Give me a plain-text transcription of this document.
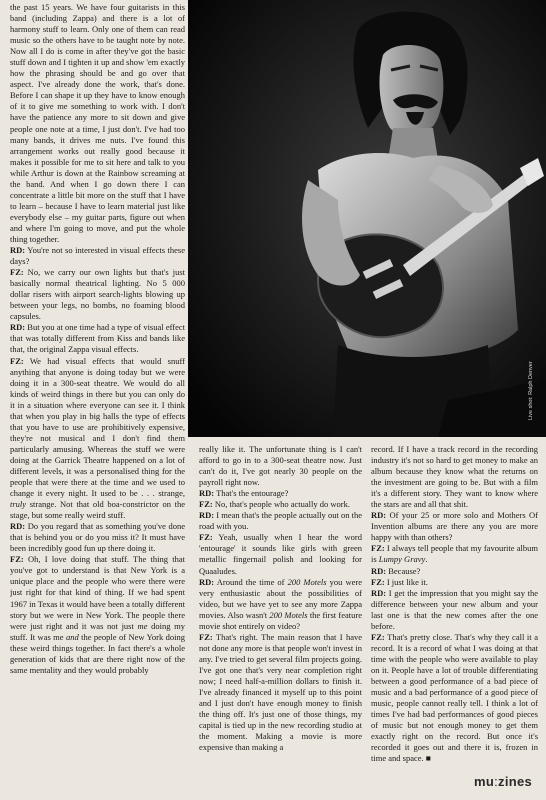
the past 15 years. We have four guitarists in this band (including Zappa) and there is a lot of harmony stuff to learn. Only one of them can read music so the others have to be taught note by note. Now all I do is come in after they've got the basic stuff down and I tighten it up and show 'em exactly how the phrasing should be and go over that aspect. I've already done the work, that's done. Before I can shape it up they have to know enough of it to give me something to work with. I don't have the patience any more to sit down and give people one note at a time, I just don't. I've had too many bands, it drives me nuts. I've found this arrangement works out really good because it makes it possible for me to sit here and talk to you while Arthur is down at the Rainbow screaming at the band. And when I go down there I can concentrate a little bit more on the stuff that I have to learn – because I have to learn material just like everybody else – my guitar parts, figure out when and where I'm going to move, and put the whole thing together.

RD: You're not so interested in visual effects these days?

FZ: No, we carry our own lights but that's just basically normal theatrical lighting. No 5 000 dollar risers with airport search-lights blowing up between your legs, no bombs, no foaming blood capsules.

RD: But you at one time had a type of visual effect that was totally different from Kiss and bands like that, the original Zappa visual effects.

FZ: We had visual effects that would snuff anything that anyone is doing today but we were doing it in a 300-seat theatre. We would do all kinds of weird things in there but you can only do it in a situation where everyone can see it. I think that when you play in big halls the type of effects that you have to use are prohibitively expensive, they're not musical and I don't find them particularly amusing. Whereas the stuff we were doing at the Garrick Theatre happened on a lot of different levels, it was a personalised thing for the people that were there at the time and we used to change it every night. It used to be . . . strange, truly strange. Not that old boa-constrictor on the stage, but some really weird stuff.

RD: Do you regard that as something you've done that is behind you or do you miss it? It must have been incredibly good fun up there doing it.

FZ: Oh, I love doing that stuff. The thing that you've got to understand is that New York is a unique place and the people who were there were just right for that kind of thing. If we had spent 1967 in Texas it would have been a totally different story but we were in New York. The people there were just right and it was not just me doing my stuff. It was me and the people of New York doing these weird things together. In fact there's a whole generation of kids that are there right now of the same mentality and they would probably

Live shot: Ralph Denver

really like it. The unfortunate thing is I can't afford to go in to a 300-seat theatre now. Just can't do it, I've got nearly 30 people on the payroll right now.

RD: That's the entourage?

FZ: No, that's people who actually do work.

RD: I mean that's the people actually out on the road with you.

FZ: Yeah, usually when I hear the word 'entourage' it sounds like girls with green metallic fingernail polish and looking for Quaaludes.

RD: Around the time of 200 Motels you were very enthusiastic about the possibilities of video, but we have yet to see any more Zappa movies. Also wasn't 200 Motels the first feature movie shot entirely on video?

FZ: That's right. The main reason that I have not done any more is that people won't invest in any. I've tried to get several film projects going. I've got one that's very near completion right now; I need half-a-million dollars to finish it. I've already financed it myself up to this point and I just don't have enough money to finish the thing off. It's just one of those things, my capital is tied up in the new recording studio at the moment. Making a movie is more expensive than making a

record. If I have a track record in the recording industry it's not so hard to get money to make an album because they know what the returns on the investment are going to be. But with a film it's a different story. They want to know where the stars are and all that shit.

RD: Of your 25 or more solo and Mothers Of Invention albums are there any you are more happy with than others?

FZ: I always tell people that my favourite album is Lumpy Gravy.

RD: Because?

FZ: I just like it.

RD: I get the impression that you might say the difference between your new album and your last one is that the new comes after the one before.

FZ: That's pretty close. That's why they call it a record. It is a record of what I was doing at that time with the people who were available to play on it. People have a lot of trouble differentiating between a good performance of a bad piece of music and a bad performance of a good piece of music, people cannot really tell. I think a lot of times I've had bad performances of good pieces of music but not enough money to get them exactly right on the record. But once it's recorded it goes out and there it is, frozen in time and space. ■

mu:zines
